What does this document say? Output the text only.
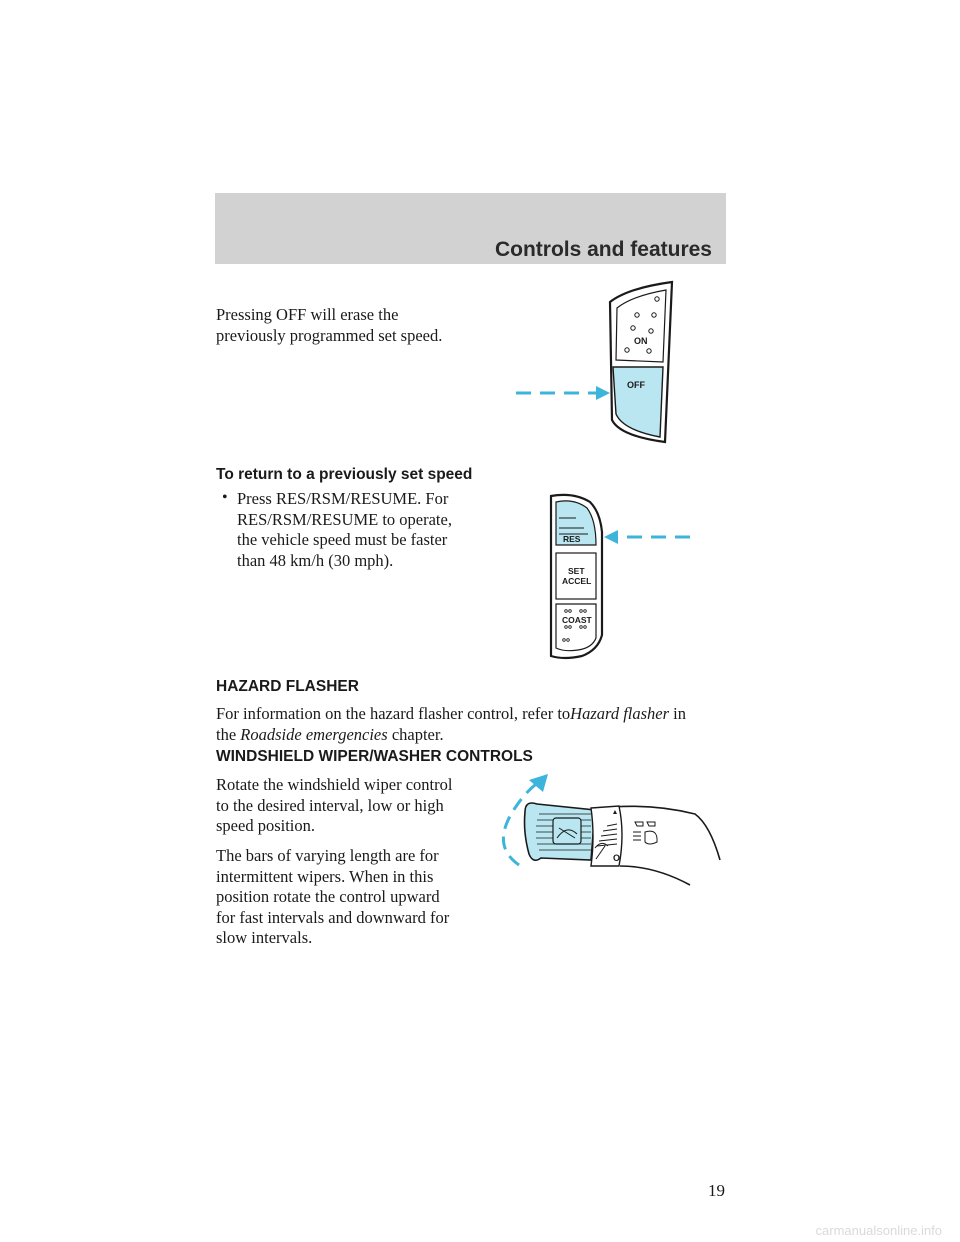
Controls and features

Pressing OFF will erase the
previously programmed set speed.	ON
OFF
To return to a previously set speed
• Press RES/RSM/RESUME. For
RES/RSM/RESUME to operate,
the vehicle speed must be faster
than 48 km/h (30 mph).

RES
SET
ACCEL
COAST
HAZARD FLASHER

For information on the hazard flasher control, refer toHazard flasher in
the Roadside emergencies chapter.

WINDSHIELD WIPER/WASHER CONTROLS

Rotate the windshield wiper control
to the desired interval, low or high
speed position.

The bars of varying length are for
intermittent wipers. When in this
position rotate the control upward
for fast intervals and downward for
slow intervals.

O
19
carmanualsonline.info
